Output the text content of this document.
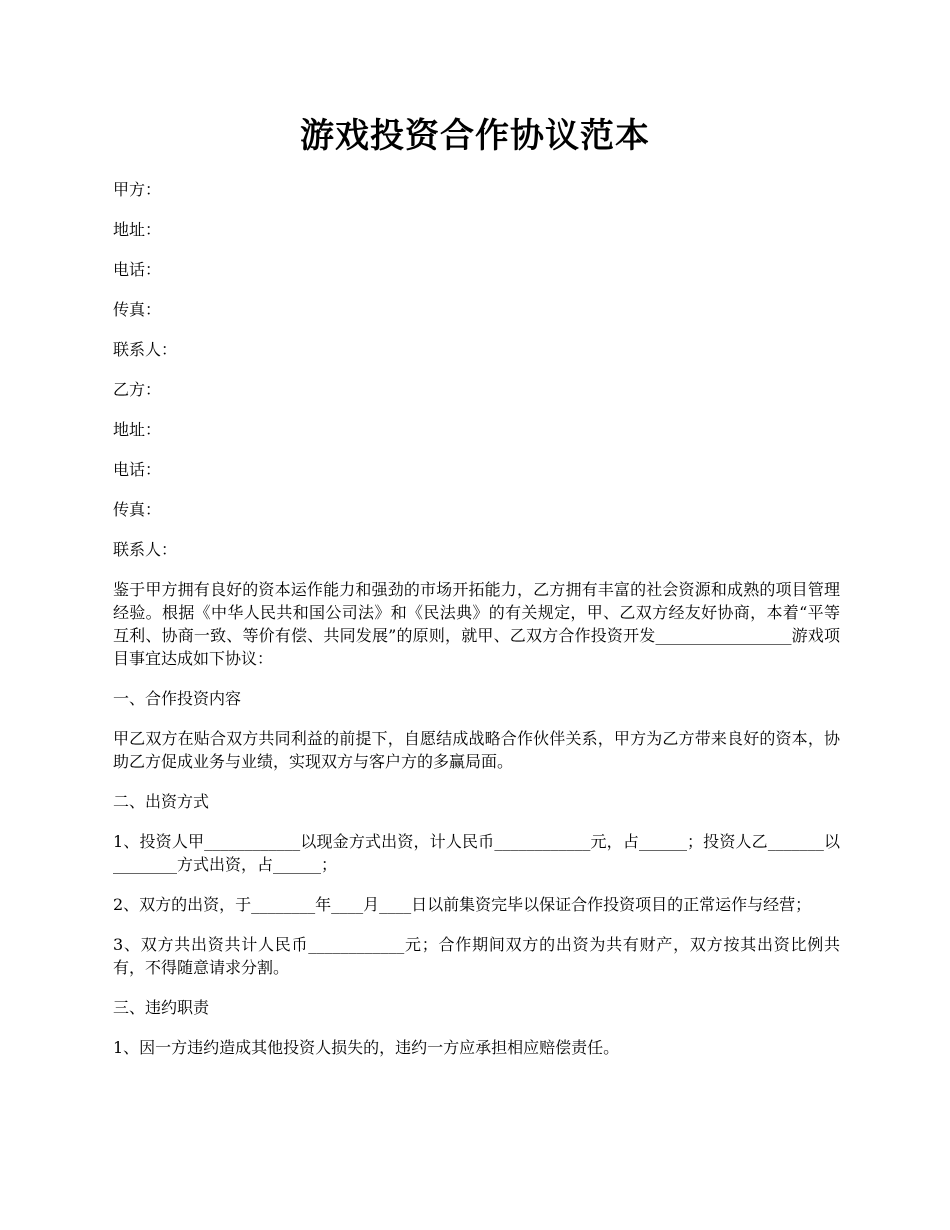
游戏投资合作协议范本

甲方：

地址：

电话：

传真：

联系人：

乙方：

地址：

电话：

传真：

联系人：

鉴于甲方拥有良好的资本运作能力和强劲的市场开拓能力，乙方拥有丰富的社会资源和成熟的项目管理经验。根据《中华人民共和国公司法》和《民法典》的有关规定，甲、乙双方经友好协商，本着“平等互利、协商一致、等价有偿、共同发展”的原则，就甲、乙双方合作投资开发_________________游戏项目事宜达成如下协议：

一、合作投资内容

甲乙双方在贴合双方共同利益的前提下，自愿结成战略合作伙伴关系，甲方为乙方带来良好的资本，协助乙方促成业务与业绩，实现双方与客户方的多赢局面。

二、出资方式

1、投资人甲____________以现金方式出资，计人民币____________元，占______；投资人乙_______以________方式出资，占______；

2、双方的出资，于________年____月____日以前集资完毕以保证合作投资项目的正常运作与经营；

3、双方共出资共计人民币____________元；合作期间双方的出资为共有财产，双方按其出资比例共有，不得随意请求分割。

三、违约职责

1、因一方违约造成其他投资人损失的，违约一方应承担相应赔偿责任。
